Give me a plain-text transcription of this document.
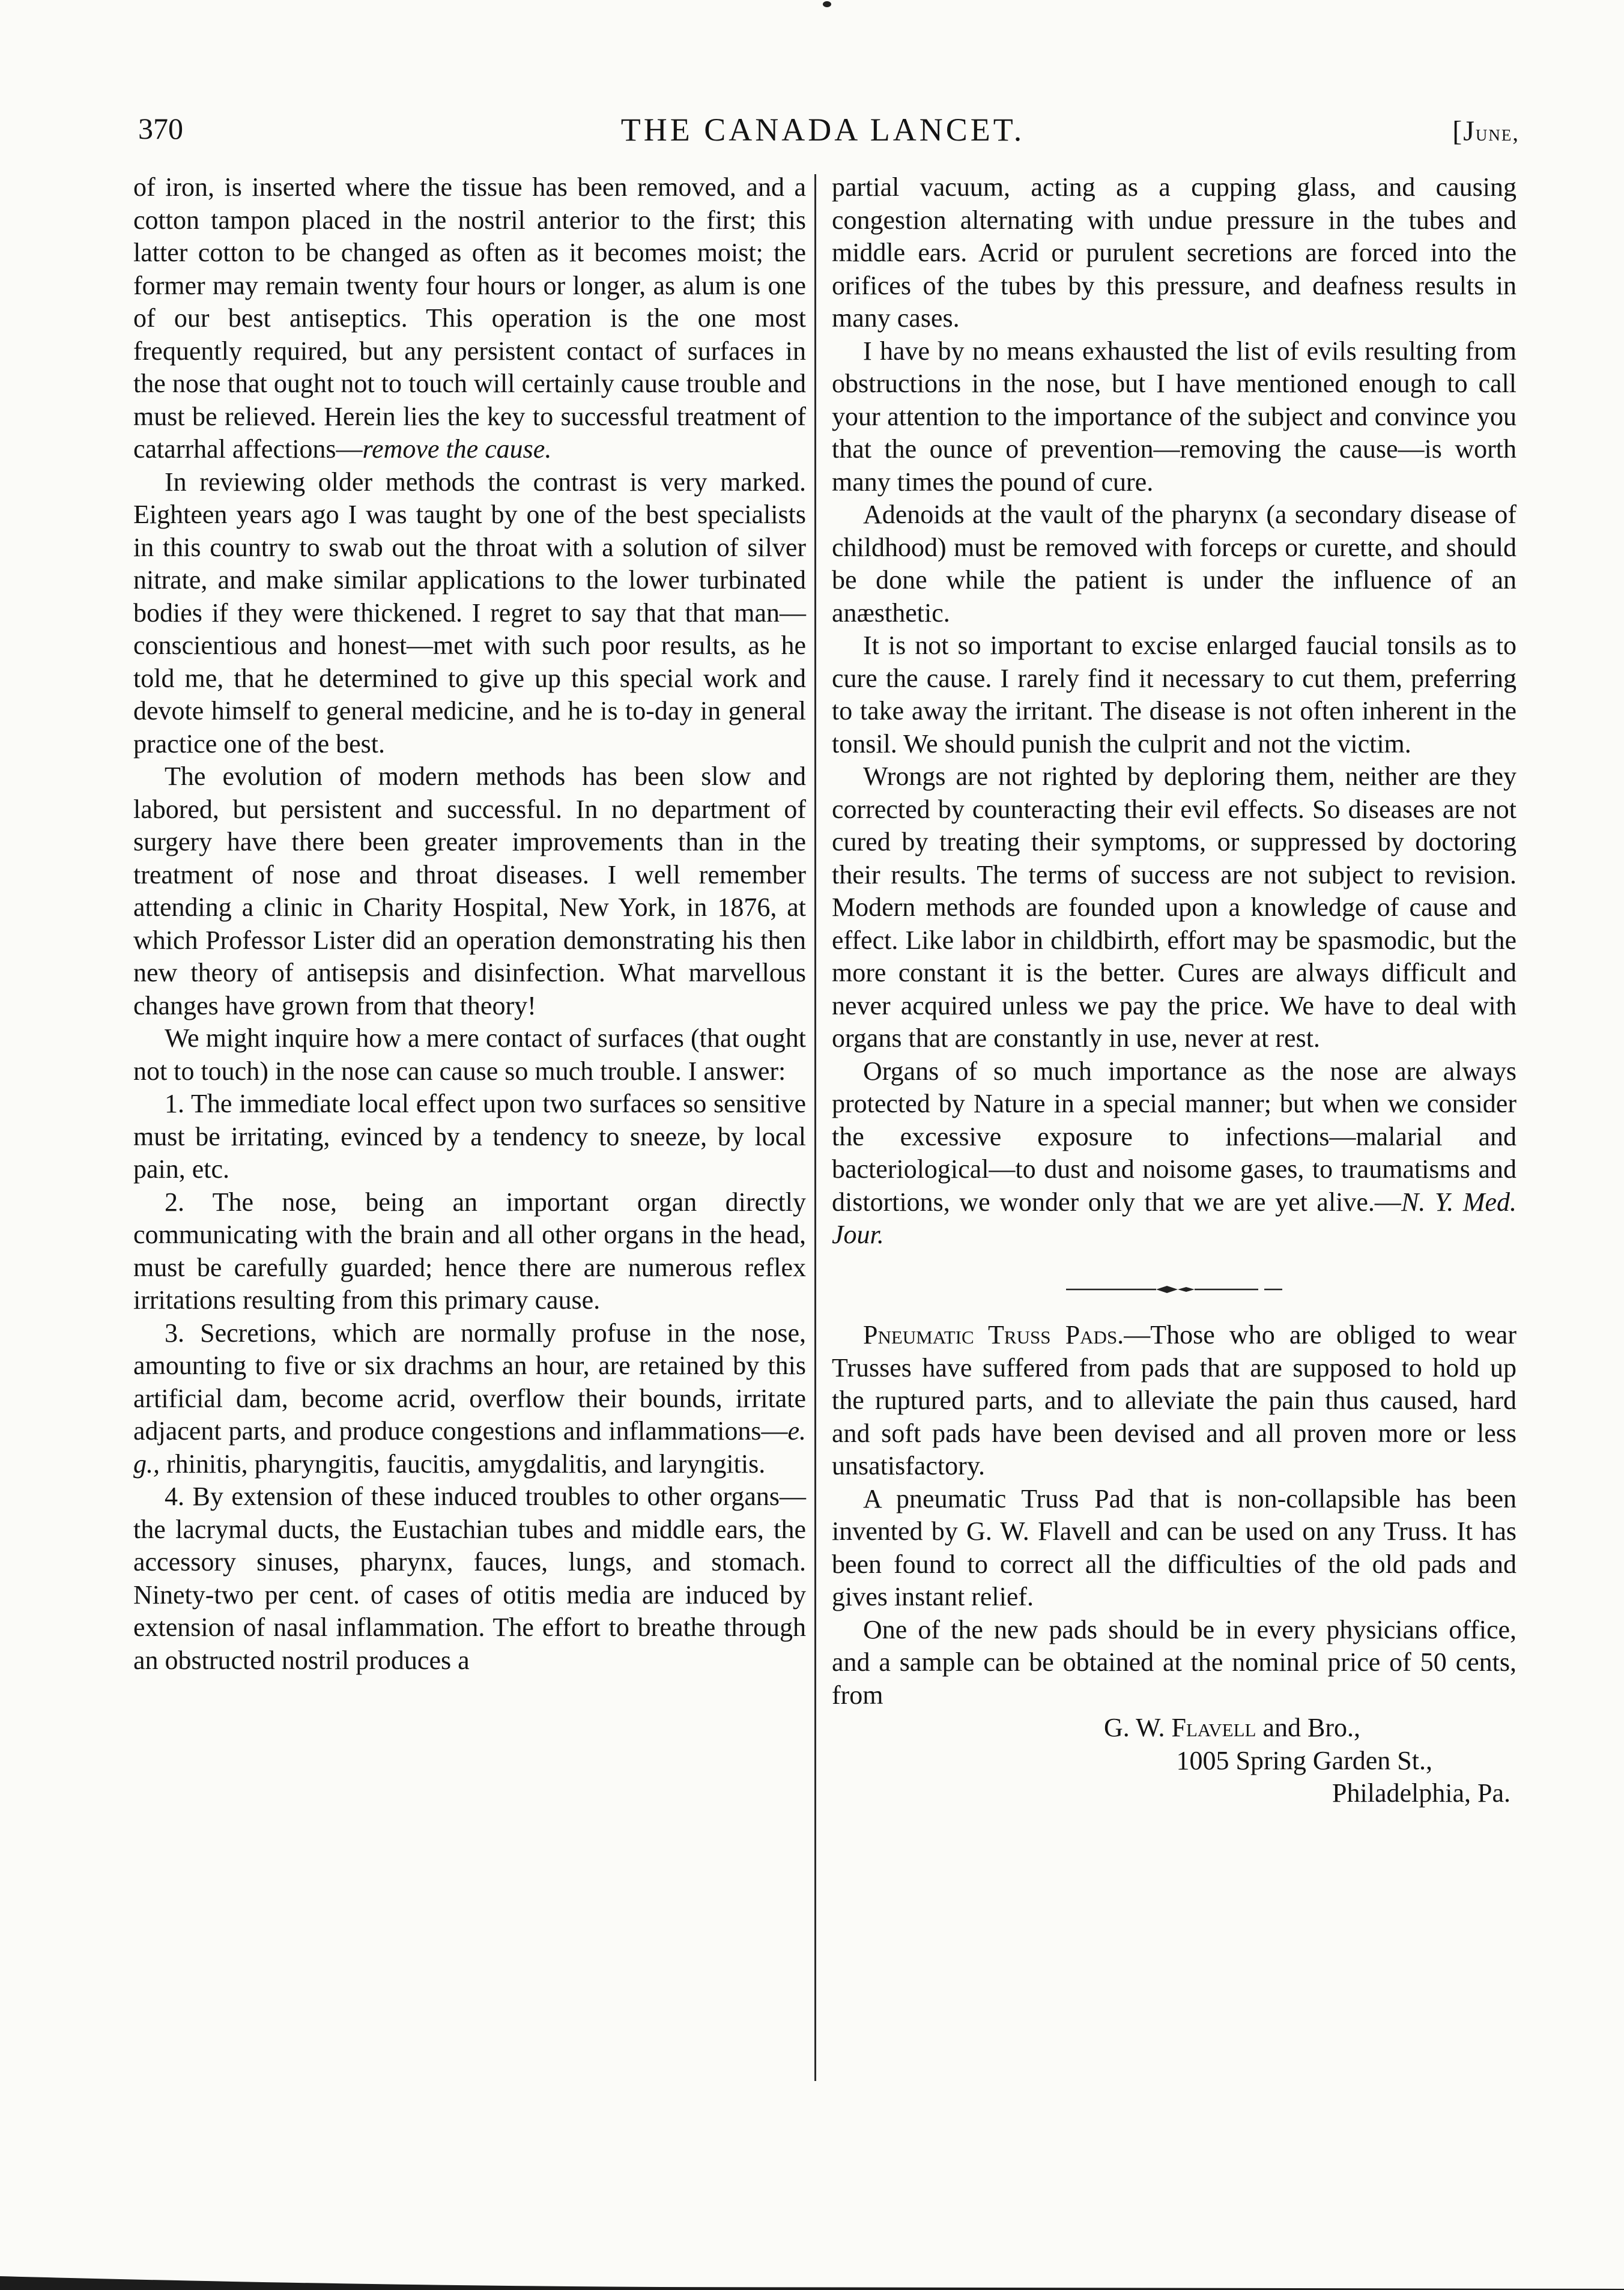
370	THE CANADA LANCET.	[June,

of iron, is inserted where the tissue has been removed, and a cotton tampon placed in the nostril anterior to the first; this latter cotton to be changed as often as it becomes moist; the former may remain twenty four hours or longer, as alum is one of our best antiseptics. This operation is the one most frequently required, but any persistent contact of surfaces in the nose that ought not to touch will certainly cause trouble and must be relieved. Herein lies the key to successful treatment of catarrhal affections—remove the cause.

In reviewing older methods the contrast is very marked. Eighteen years ago I was taught by one of the best specialists in this country to swab out the throat with a solution of silver nitrate, and make similar applications to the lower turbinated bodies if they were thickened. I regret to say that that man—conscientious and honest—met with such poor results, as he told me, that he determined to give up this special work and devote himself to general medicine, and he is to-day in general practice one of the best.

The evolution of modern methods has been slow and labored, but persistent and successful. In no department of surgery have there been greater improvements than in the treatment of nose and throat diseases. I well remember attending a clinic in Charity Hospital, New York, in 1876, at which Professor Lister did an operation demonstrating his then new theory of antisepsis and disinfection. What marvellous changes have grown from that theory!

We might inquire how a mere contact of surfaces (that ought not to touch) in the nose can cause so much trouble. I answer:

1. The immediate local effect upon two surfaces so sensitive must be irritating, evinced by a tendency to sneeze, by local pain, etc.

2. The nose, being an important organ directly communicating with the brain and all other organs in the head, must be carefully guarded; hence there are numerous reflex irritations resulting from this primary cause.

3. Secretions, which are normally profuse in the nose, amounting to five or six drachms an hour, are retained by this artificial dam, become acrid, overflow their bounds, irritate adjacent parts, and produce congestions and inflammations—e. g., rhinitis, pharyngitis, faucitis, amygdalitis, and laryngitis.

4. By extension of these induced troubles to other organs—the lacrymal ducts, the Eustachian tubes and middle ears, the accessory sinuses, pharynx, fauces, lungs, and stomach. Ninety-two per cent. of cases of otitis media are induced by extension of nasal inflammation. The effort to breathe through an obstructed nostril produces a

partial vacuum, acting as a cupping glass, and causing congestion alternating with undue pressure in the tubes and middle ears. Acrid or purulent secretions are forced into the orifices of the tubes by this pressure, and deafness results in many cases.

I have by no means exhausted the list of evils resulting from obstructions in the nose, but I have mentioned enough to call your attention to the importance of the subject and convince you that the ounce of prevention—removing the cause—is worth many times the pound of cure.

Adenoids at the vault of the pharynx (a secondary disease of childhood) must be removed with forceps or curette, and should be done while the patient is under the influence of an anæsthetic.

It is not so important to excise enlarged faucial tonsils as to cure the cause. I rarely find it necessary to cut them, preferring to take away the irritant. The disease is not often inherent in the tonsil. We should punish the culprit and not the victim.

Wrongs are not righted by deploring them, neither are they corrected by counteracting their evil effects. So diseases are not cured by treating their symptoms, or suppressed by doctoring their results. The terms of success are not subject to revision. Modern methods are founded upon a knowledge of cause and effect. Like labor in childbirth, effort may be spasmodic, but the more constant it is the better. Cures are always difficult and never acquired unless we pay the price. We have to deal with organs that are constantly in use, never at rest.

Organs of so much importance as the nose are always protected by Nature in a special manner; but when we consider the excessive exposure to infections—malarial and bacteriological—to dust and noisome gases, to traumatisms and distortions, we wonder only that we are yet alive.—N. Y. Med. Jour.

Pneumatic Truss Pads.—Those who are obliged to wear Trusses have suffered from pads that are supposed to hold up the ruptured parts, and to alleviate the pain thus caused, hard and soft pads have been devised and all proven more or less unsatisfactory.

A pneumatic Truss Pad that is non-collapsible has been invented by G. W. Flavell and can be used on any Truss. It has been found to correct all the difficulties of the old pads and gives instant relief.

One of the new pads should be in every physicians office, and a sample can be obtained at the nominal price of 50 cents, from

G. W. Flavell and Bro.,

1005 Spring Garden St.,

Philadelphia, Pa.
